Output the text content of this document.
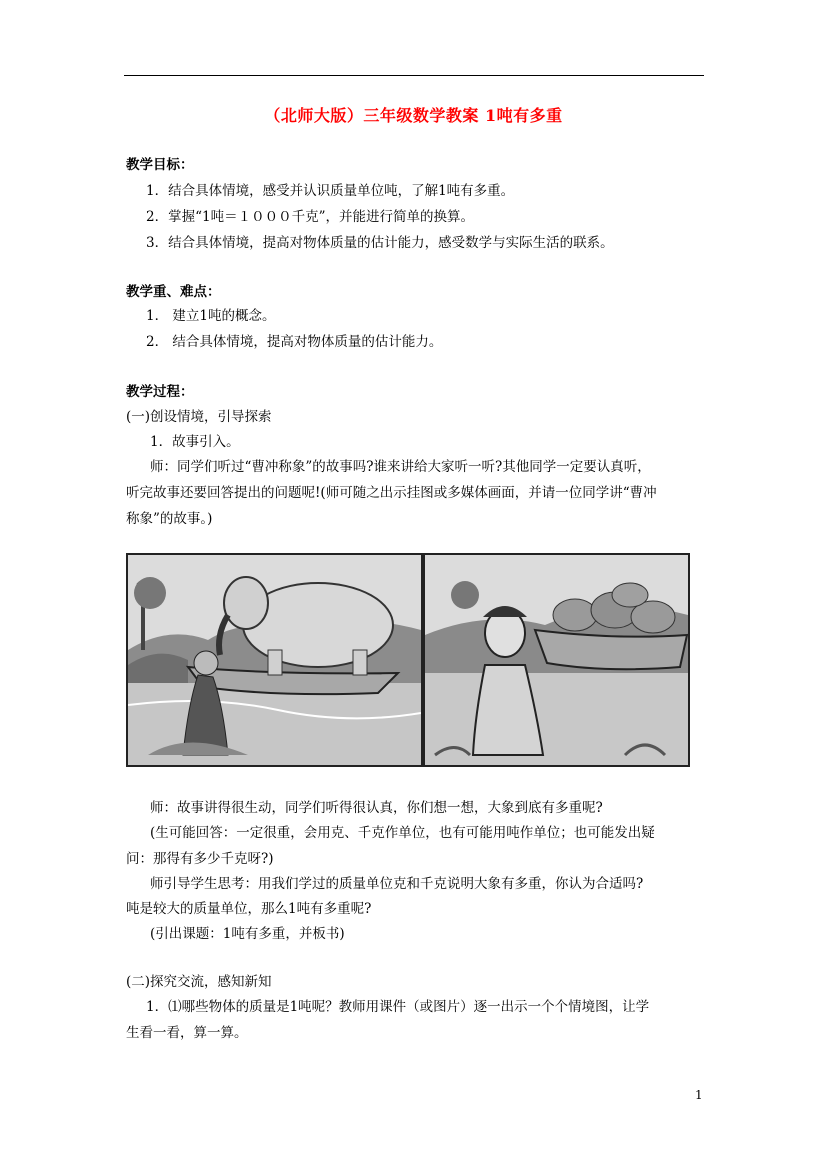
（北师大版）三年级数学教案 1吨有多重
教学目标：
1．结合具体情境，感受并认识质量单位吨，了解1吨有多重。
2．掌握“1吨＝１０００千克”，并能进行简单的换算。
3．结合具体情境，提高对物体质量的估计能力，感受数学与实际生活的联系。
教学重、难点：
1． 建立1吨的概念。
2． 结合具体情境，提高对物体质量的估计能力。
教学过程：
(一)创设情境，引导探索
1．故事引入。
师：同学们听过“曹冲称象”的故事吗?谁来讲给大家听一听?其他同学一定要认真听，
听完故事还要回答提出的问题呢!(师可随之出示挂图或多媒体画面，并请一位同学讲“曹冲
称象”的故事。)
师：故事讲得很生动，同学们听得很认真，你们想一想，大象到底有多重呢?
(生可能回答：一定很重，会用克、千克作单位，也有可能用吨作单位；也可能发出疑
问：那得有多少千克呀?)
师引导学生思考：用我们学过的质量单位克和千克说明大象有多重，你认为合适吗?
吨是较大的质量单位，那么1吨有多重呢?
(引出课题：1吨有多重，并板书)
(二)探究交流，感知新知
1．⑴哪些物体的质量是1吨呢？教师用课件（或图片）逐一出示一个个情境图，让学
生看一看，算一算。
1
